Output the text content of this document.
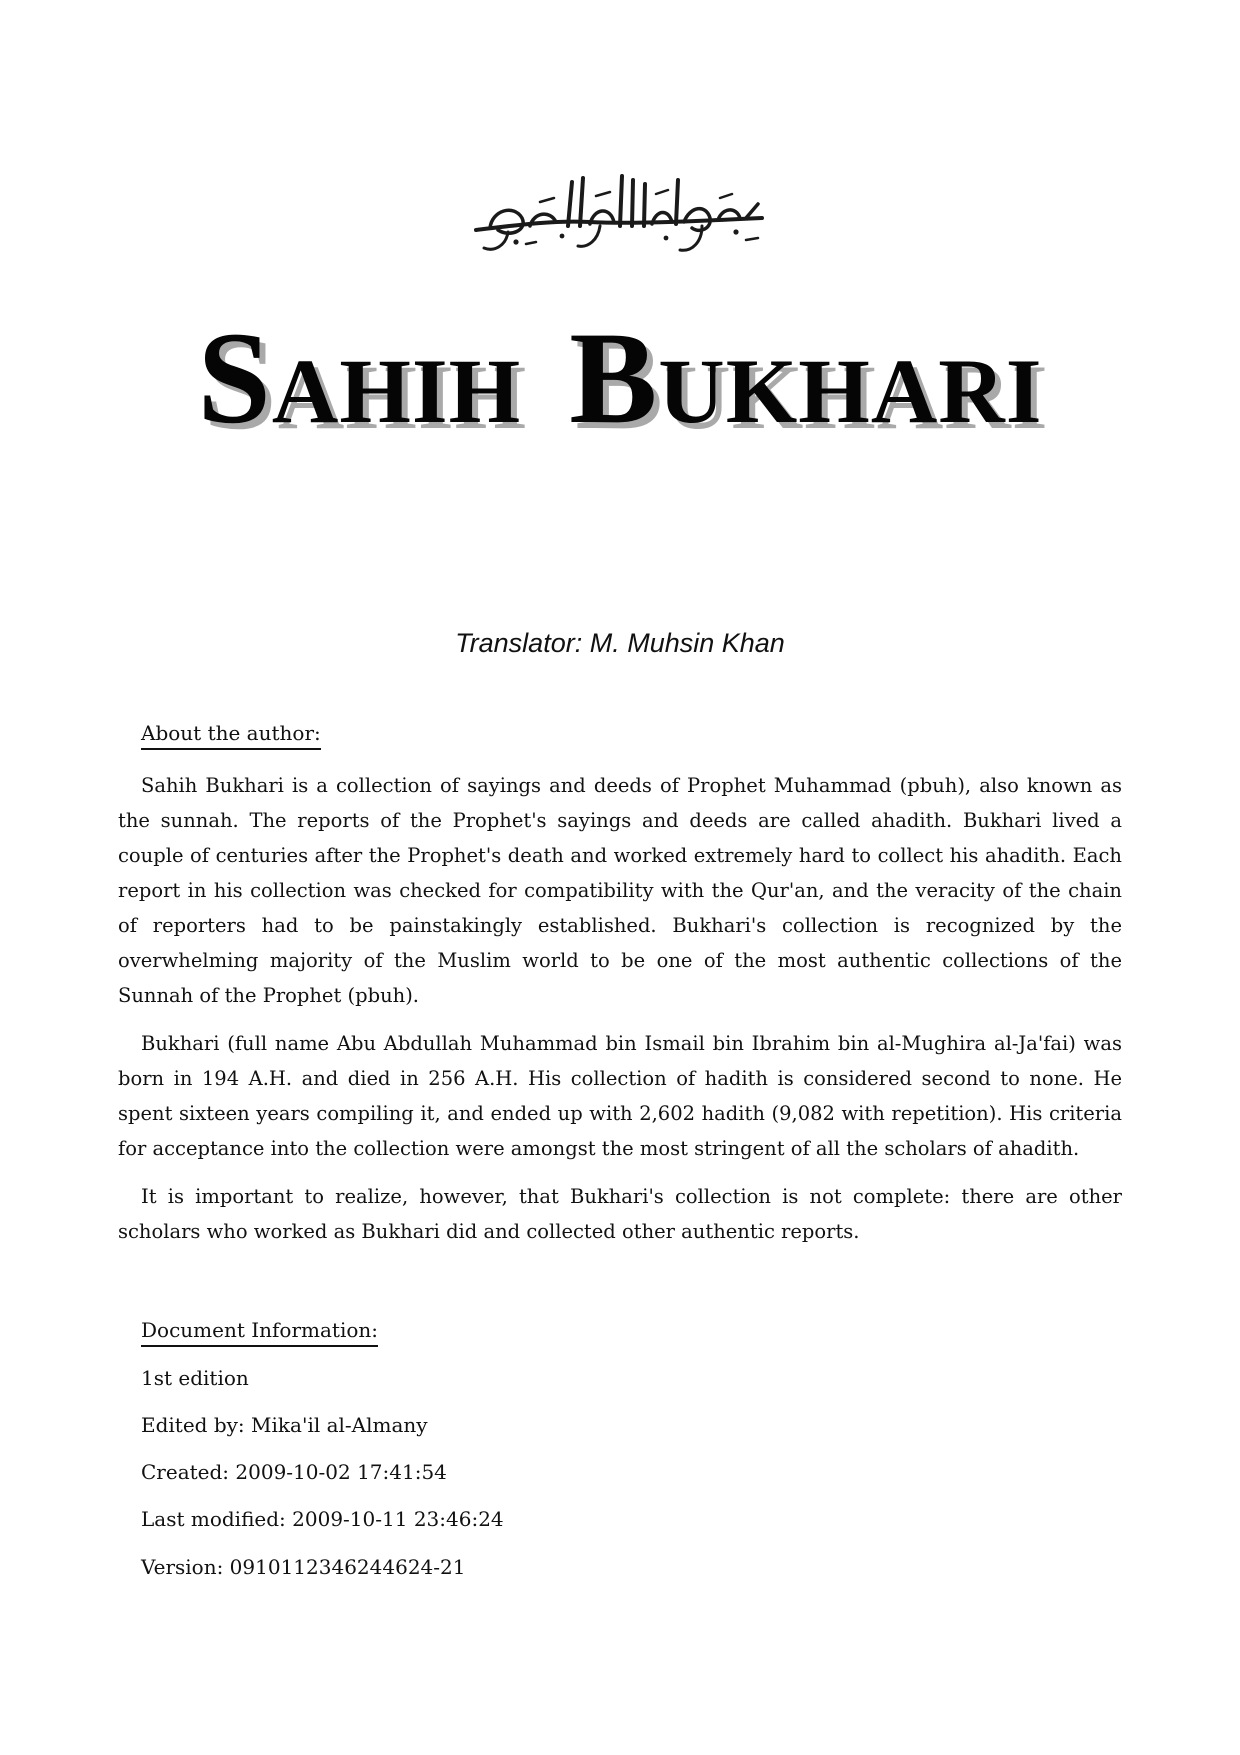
SAHIH BUKHARI
Translator: M. Muhsin Khan
About the author:

Sahih Bukhari is a collection of sayings and deeds of Prophet Muhammad (pbuh), also known as the sunnah. The reports of the Prophet's sayings and deeds are called ahadith. Bukhari lived a couple of centuries after the Prophet's death and worked extremely hard to collect his ahadith. Each report in his collection was checked for compatibility with the Qur'an, and the veracity of the chain of reporters had to be painstakingly established. Bukhari's collection is recognized by the overwhelming majority of the Muslim world to be one of the most authentic collections of the Sunnah of the Prophet (pbuh).

Bukhari (full name Abu Abdullah Muhammad bin Ismail bin Ibrahim bin al-Mughira al-Ja'fai) was born in 194 A.H. and died in 256 A.H. His collection of hadith is considered second to none. He spent sixteen years compiling it, and ended up with 2,602 hadith (9,082 with repetition). His criteria for acceptance into the collection were amongst the most stringent of all the scholars of ahadith.

It is important to realize, however, that Bukhari's collection is not complete: there are other scholars who worked as Bukhari did and collected other authentic reports.

Document Information:
1st edition
Edited by: Mika'il al-Almany
Created: 2009-10-02 17:41:54
Last modified: 2009-10-11 23:46:24
Version: 0910112346244624-21
